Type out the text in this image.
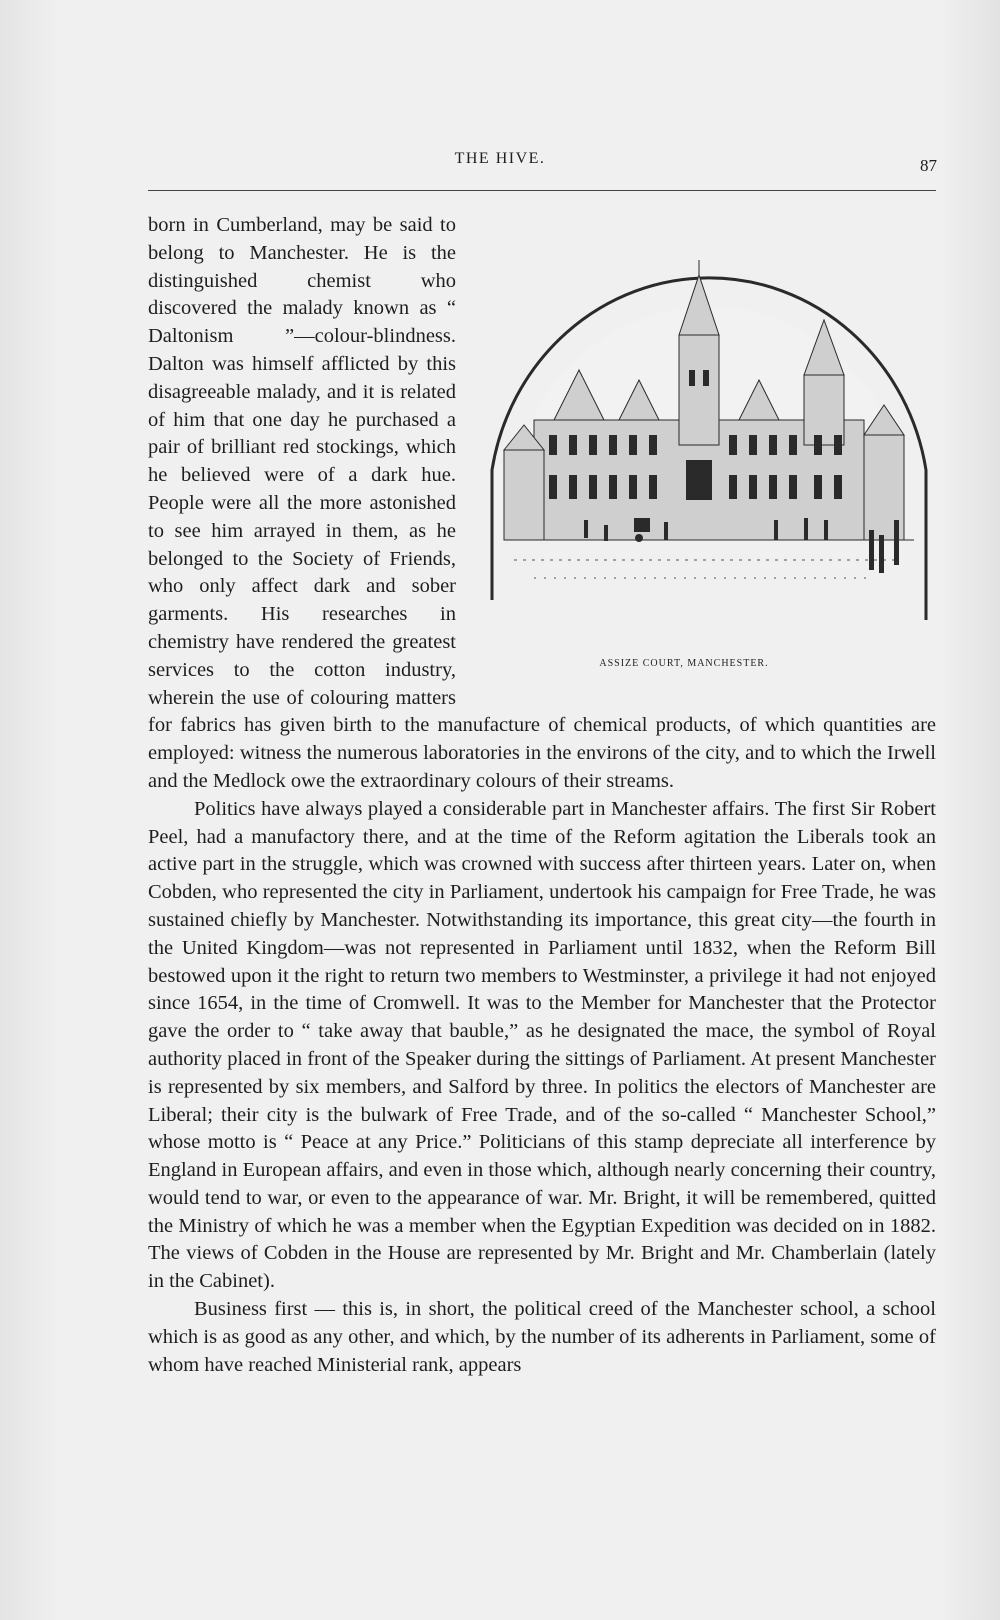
THE HIVE.	87
ASSIZE COURT, MANCHESTER.

born in Cumberland, may be said to belong to Manchester. He is the distinguished chemist who discovered the malady known as “ Daltonism ”—colour-blindness. Dalton was himself afflicted by this disagreeable malady, and it is related of him that one day he purchased a pair of brilliant red stockings, which he believed were of a dark hue. People were all the more astonished to see him arrayed in them, as he belonged to the Society of Friends, who only affect dark and sober garments. His researches in chemistry have rendered the greatest services to the cotton industry, wherein the use of colouring matters for fabrics has given birth to the manufacture of chemical products, of which quantities are employed: witness the numerous laboratories in the environs of the city, and to which the Irwell and the Medlock owe the extraordinary colours of their streams.

Politics have always played a considerable part in Manchester affairs. The first Sir Robert Peel, had a manufactory there, and at the time of the Reform agitation the Liberals took an active part in the struggle, which was crowned with success after thirteen years. Later on, when Cobden, who represented the city in Parliament, undertook his campaign for Free Trade, he was sustained chiefly by Manchester. Notwithstanding its importance, this great city—the fourth in the United Kingdom—was not represented in Parliament until 1832, when the Reform Bill bestowed upon it the right to return two members to Westminster, a privilege it had not enjoyed since 1654, in the time of Cromwell. It was to the Member for Manchester that the Protector gave the order to “ take away that bauble,” as he designated the mace, the symbol of Royal authority placed in front of the Speaker during the sittings of Parliament. At present Manchester is represented by six members, and Salford by three. In politics the electors of Manchester are Liberal; their city is the bulwark of Free Trade, and of the so-called “ Manchester School,” whose motto is “ Peace at any Price.” Politicians of this stamp depreciate all interference by England in European affairs, and even in those which, although nearly concerning their country, would tend to war, or even to the appearance of war. Mr. Bright, it will be remembered, quitted the Ministry of which he was a member when the Egyptian Expedition was decided on in 1882. The views of Cobden in the House are represented by Mr. Bright and Mr. Chamberlain (lately in the Cabinet).

Business first — this is, in short, the political creed of the Manchester school, a school which is as good as any other, and which, by the number of its adherents in Parliament, some of whom have reached Ministerial rank, appears
